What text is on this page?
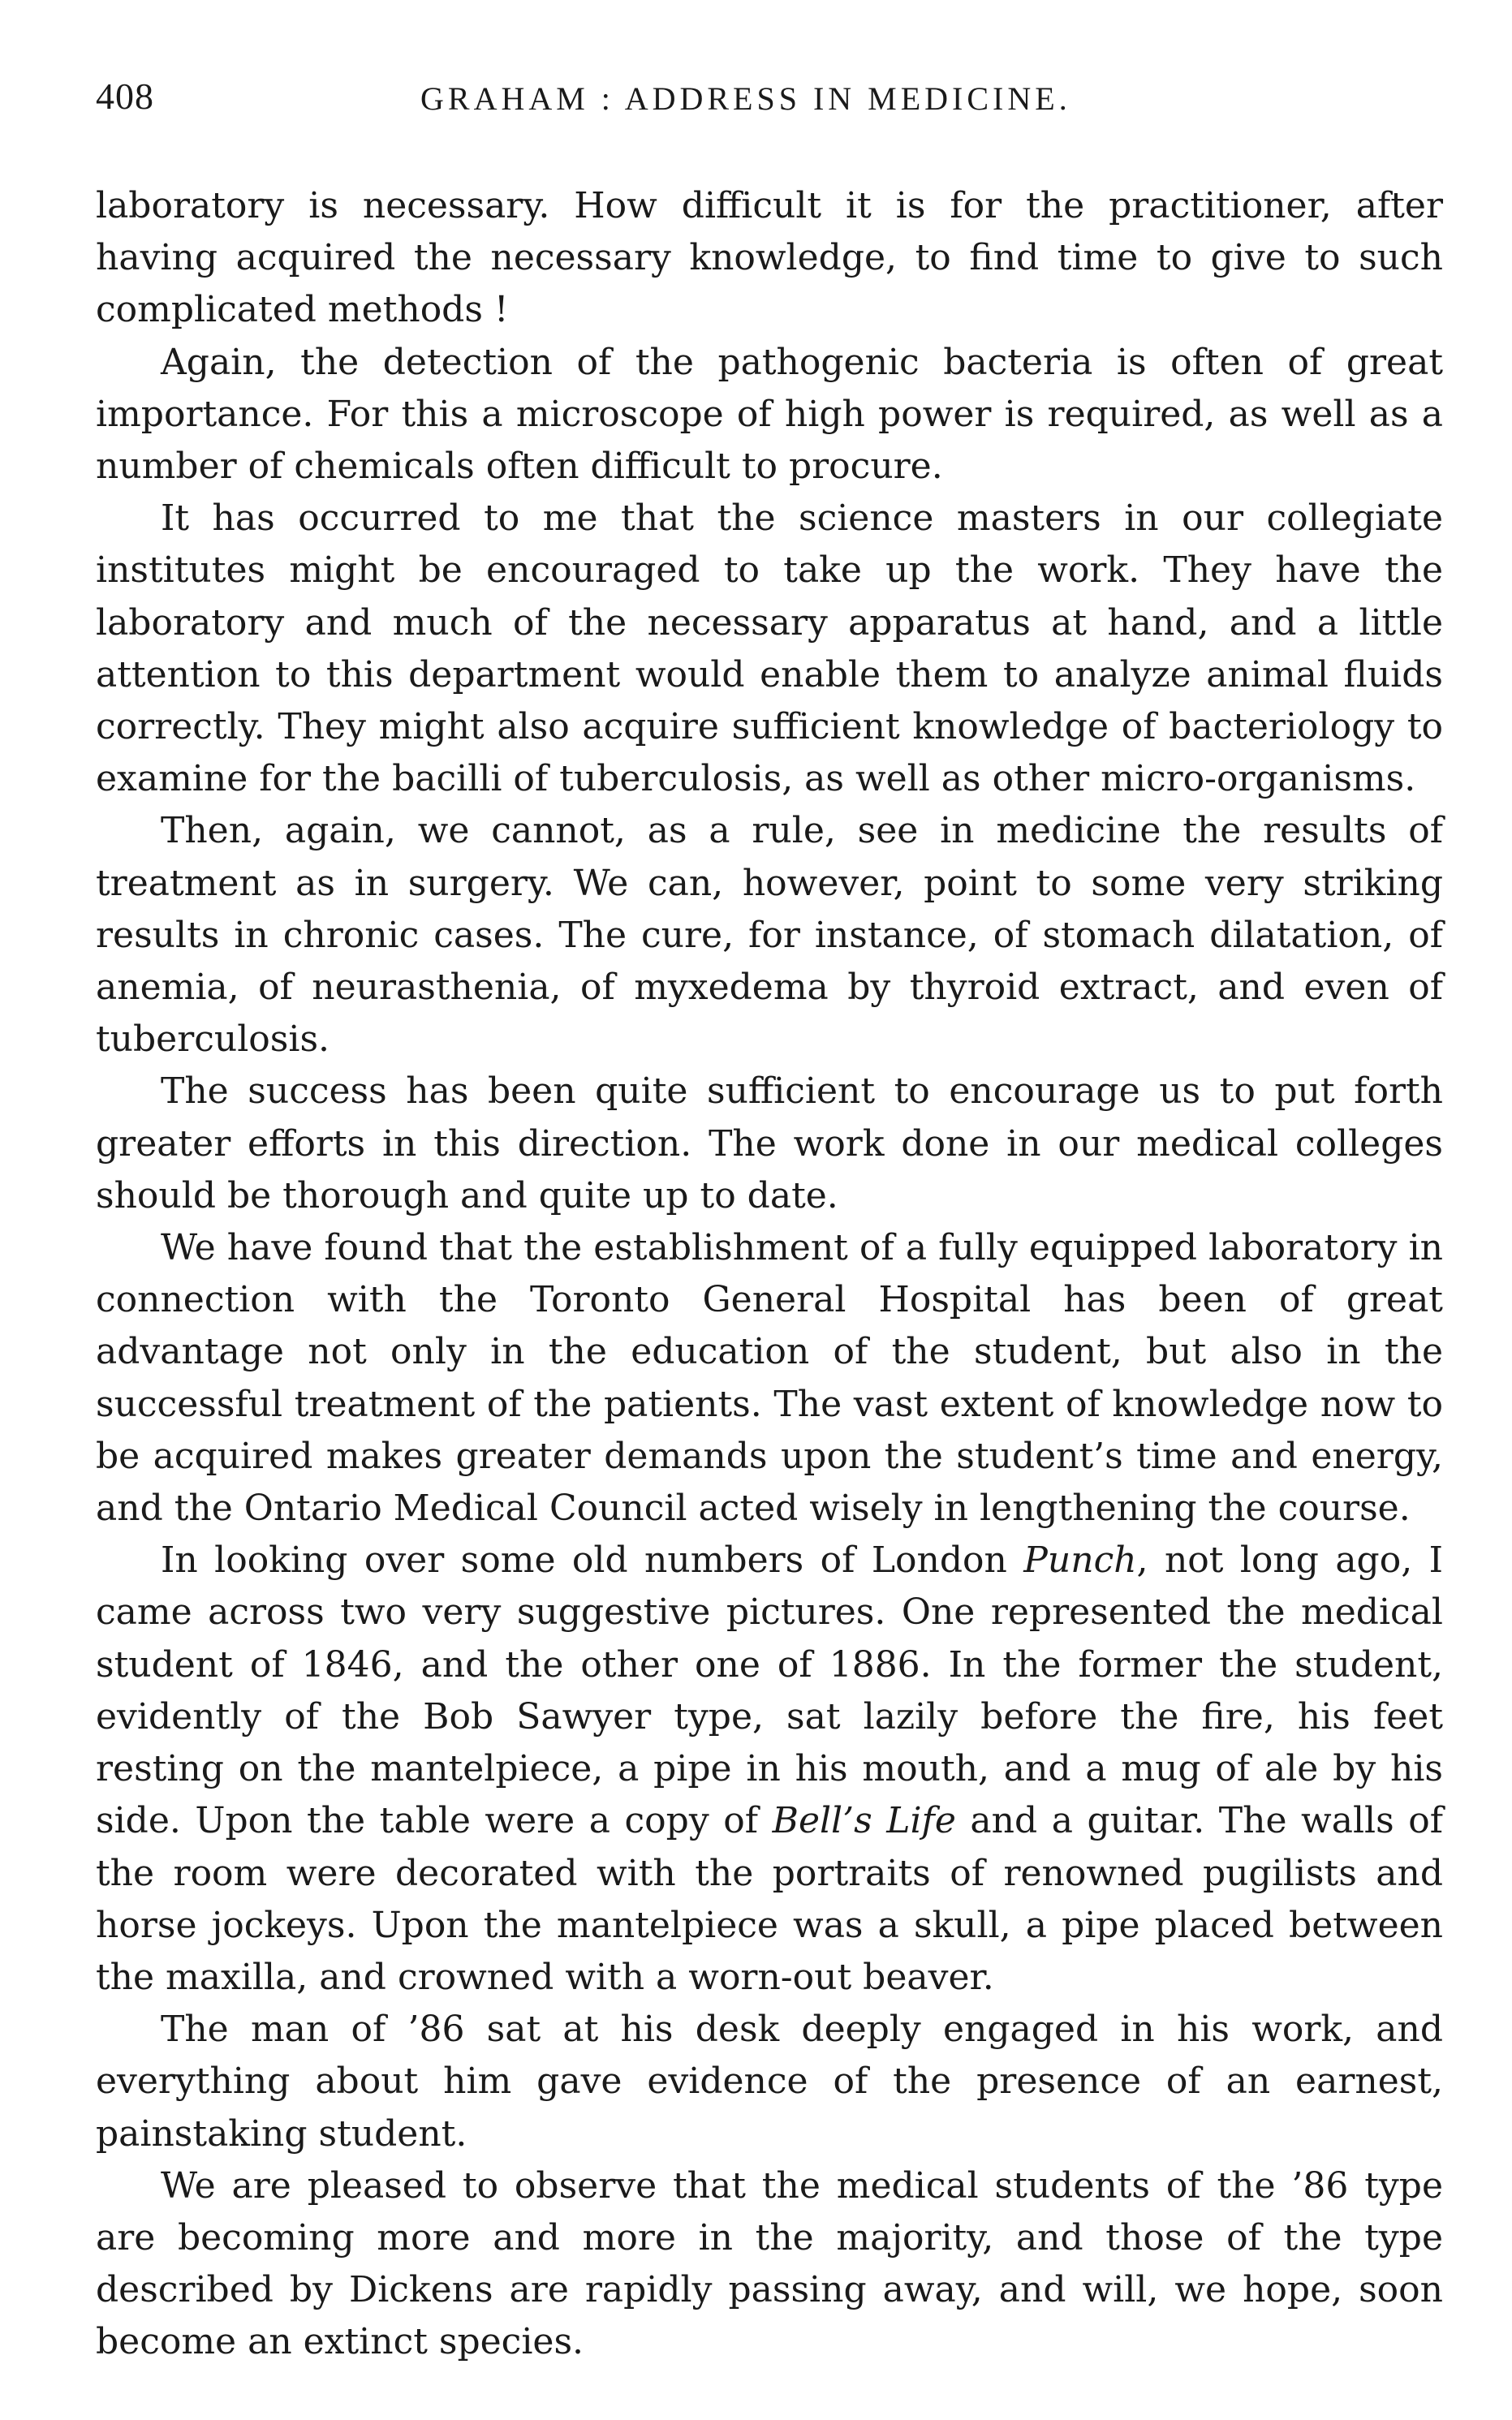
408	GRAHAM : ADDRESS IN MEDICINE.

laboratory is necessary. How difficult it is for the practitioner, after having acquired the necessary knowledge, to find time to give to such complicated methods !

Again, the detection of the pathogenic bacteria is often of great importance. For this a microscope of high power is required, as well as a number of chemicals often difficult to procure.

It has occurred to me that the science masters in our collegiate institutes might be encouraged to take up the work. They have the laboratory and much of the necessary apparatus at hand, and a little attention to this department would enable them to analyze animal fluids correctly. They might also acquire sufficient knowledge of bacteriology to examine for the bacilli of tuberculosis, as well as other micro-organisms.

Then, again, we cannot, as a rule, see in medicine the results of treatment as in surgery. We can, however, point to some very striking results in chronic cases. The cure, for instance, of stomach dilatation, of anemia, of neurasthenia, of myxedema by thyroid extract, and even of tuberculosis.

The success has been quite sufficient to encourage us to put forth greater efforts in this direction. The work done in our medical colleges should be thorough and quite up to date.

We have found that the establishment of a fully equipped laboratory in connection with the Toronto General Hospital has been of great advantage not only in the education of the student, but also in the successful treatment of the patients. The vast extent of knowledge now to be acquired makes greater demands upon the student’s time and energy, and the Ontario Medical Council acted wisely in lengthening the course.

In looking over some old numbers of London Punch, not long ago, I came across two very suggestive pictures. One represented the medical student of 1846, and the other one of 1886. In the former the student, evidently of the Bob Sawyer type, sat lazily before the fire, his feet resting on the mantelpiece, a pipe in his mouth, and a mug of ale by his side. Upon the table were a copy of Bell’s Life and a guitar. The walls of the room were decorated with the portraits of renowned pugilists and horse jockeys. Upon the mantelpiece was a skull, a pipe placed between the maxilla, and crowned with a worn-out beaver.

The man of ’86 sat at his desk deeply engaged in his work, and everything about him gave evidence of the presence of an earnest, painstaking student.

We are pleased to observe that the medical students of the ’86 type are becoming more and more in the majority, and those of the type described by Dickens are rapidly passing away, and will, we hope, soon become an extinct species.
